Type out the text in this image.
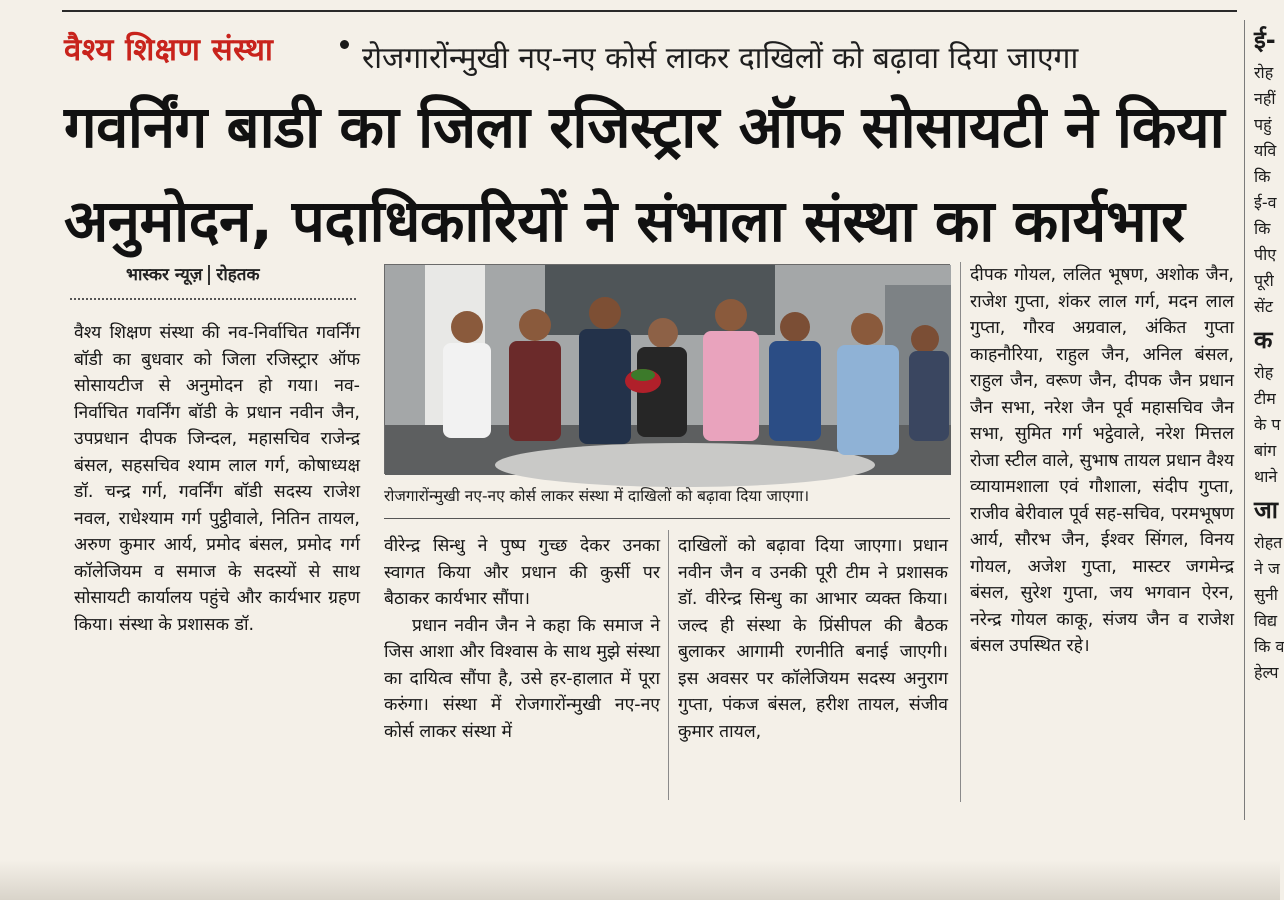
वैश्य शिक्षण संस्था	रोजगारोंन्मुखी नए-नए कोर्स लाकर दाखिलों को बढ़ावा दिया जाएगा
गवर्निंग बाडी का जिला रजिस्ट्रार ऑफ सोसायटी ने किया
अनुमोदन, पदाधिकारियों ने संभाला संस्था का कार्यभार
भास्कर न्यूज़ रोहतक

वैश्य शिक्षण संस्था की नव-निर्वाचित गवर्निंग बॉडी का बुधवार को जिला रजिस्ट्रार ऑफ सोसायटीज से अनुमोदन हो गया। नव-निर्वाचित गवर्निंग बॉडी के प्रधान नवीन जैन, उपप्रधान दीपक जिन्दल, महासचिव राजेन्द्र बंसल, सहसचिव श्याम लाल गर्ग, कोषाध्यक्ष डॉ. चन्द्र गर्ग, गवर्निंग बॉडी सदस्य राजेश नवल, राधेश्याम गर्ग पुट्ठीवाले, नितिन तायल, अरुण कुमार आर्य, प्रमोद बंसल, प्रमोद गर्ग कॉलेजियम व समाज के सदस्यों से साथ सोसायटी कार्यालय पहुंचे और कार्यभार ग्रहण किया। संस्था के प्रशासक डॉ.

रोजगारोंन्मुखी नए-नए कोर्स लाकर संस्था में दाखिलों को बढ़ावा दिया जाएगा।

वीरेन्द्र सिन्धु ने पुष्प गुच्छ देकर उनका स्वागत किया और प्रधान की कुर्सी पर बैठाकर कार्यभार सौंपा।

प्रधान नवीन जैन ने कहा कि समाज ने जिस आशा और विश्वास के साथ मुझे संस्था का दायित्व सौंपा है, उसे हर-हालात में पूरा करुंगा। संस्था में रोजगारोंन्मुखी नए-नए कोर्स लाकर संस्था में

दाखिलों को बढ़ावा दिया जाएगा। प्रधान नवीन जैन व उनकी पूरी टीम ने प्रशासक डॉ. वीरेन्द्र सिन्धु का आभार व्यक्त किया। जल्द ही संस्था के प्रिंसीपल की बैठक बुलाकर आगामी रणनीति बनाई जाएगी। इस अवसर पर कॉलेजियम सदस्य अनुराग गुप्ता, पंकज बंसल, हरीश तायल, संजीव कुमार तायल,

दीपक गोयल, ललित भूषण, अशोक जैन, राजेश गुप्ता, शंकर लाल गर्ग, मदन लाल गुप्ता, गौरव अग्रवाल, अंकित गुप्ता काहनौरिया, राहुल जैन, अनिल बंसल, राहुल जैन, वरूण जैन, दीपक जैन प्रधान जैन सभा, नरेश जैन पूर्व महासचिव जैन सभा, सुमित गर्ग भट्ठेवाले, नरेश मित्तल रोजा स्टील वाले, सुभाष तायल प्रधान वैश्य व्यायामशाला एवं गौशाला, संदीप गुप्ता, राजीव बेरीवाल पूर्व सह-सचिव, परमभूषण आर्य, सौरभ जैन, ईश्वर सिंगल, विनय गोयल, अजेश गुप्ता, मास्टर जगमेन्द्र बंसल, सुरेश गुप्ता, जय भगवान ऐरन, नरेन्द्र गोयल काकू, संजय जैन व राजेश बंसल उपस्थित रहे।

ई-
रोह
नहीं
पहुं
यवि
कि
ई-व
कि
पीए
पूरी
सेंट
क
रोह
टीम
के प
बांग
थाने
जा
रोहत
ने ज
सुनी
विद्य
कि व
हेल्प
